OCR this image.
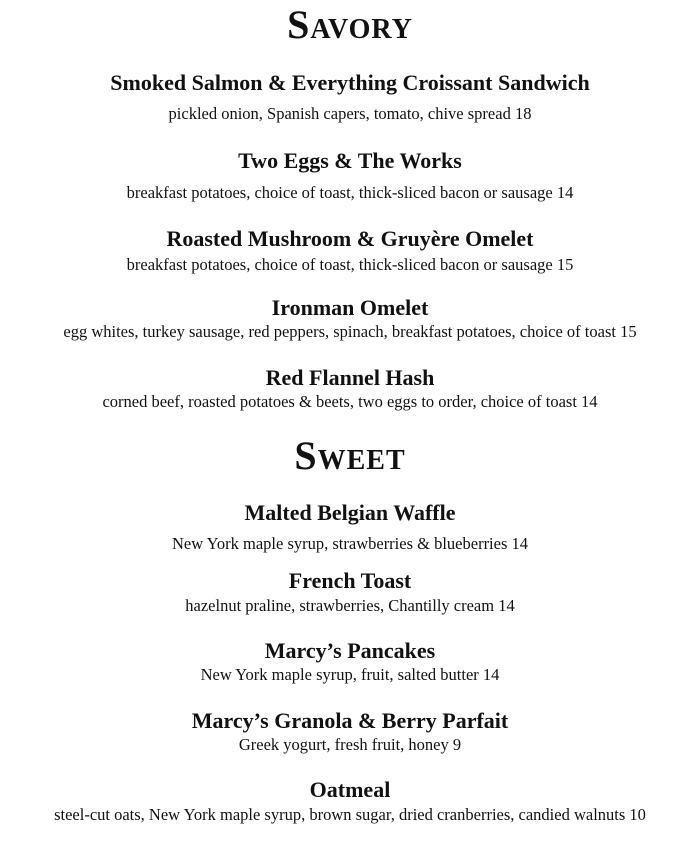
Savory
Smoked Salmon & Everything Croissant Sandwich
pickled onion, Spanish capers, tomato, chive spread 18
Two Eggs & The Works
breakfast potatoes, choice of toast, thick-sliced bacon or sausage 14
Roasted Mushroom & Gruyère Omelet
breakfast potatoes, choice of toast, thick-sliced bacon or sausage 15
Ironman Omelet
egg whites, turkey sausage, red peppers, spinach, breakfast potatoes, choice of toast 15
Red Flannel Hash
corned beef, roasted potatoes & beets, two eggs to order, choice of toast 14
Sweet
Malted Belgian Waffle
New York maple syrup, strawberries & blueberries 14
French Toast
hazelnut praline, strawberries, Chantilly cream 14
Marcy’s Pancakes
New York maple syrup, fruit, salted butter 14
Marcy’s Granola & Berry Parfait
Greek yogurt, fresh fruit, honey 9
Oatmeal
steel-cut oats, New York maple syrup, brown sugar, dried cranberries, candied walnuts 10
